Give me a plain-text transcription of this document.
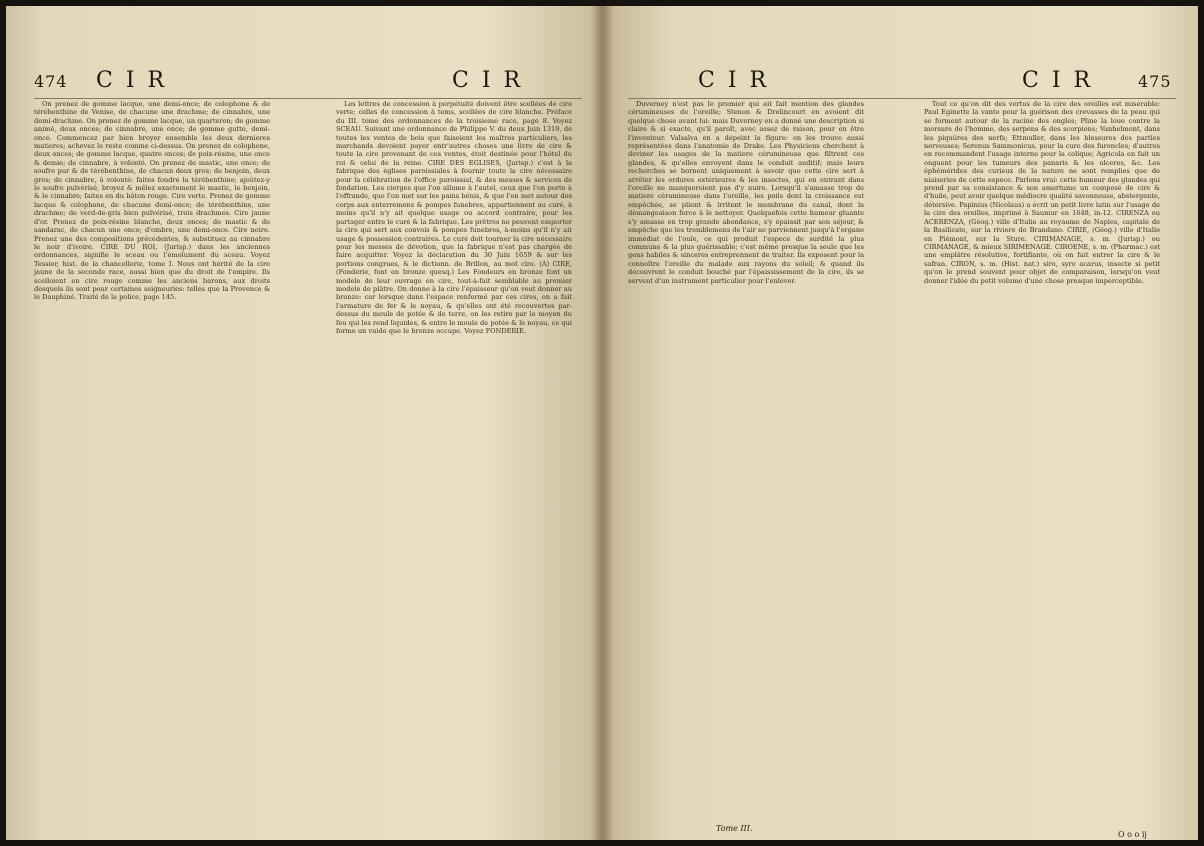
474 C I R	C I R

On prenez de gomme lacque, une demi-once; de colophone & de térébenthine de Venise, de chacune une drachme; de cinnabre, une demi-drachme. On prenez de gomme lacque, un quarteron; de gomme animé, deux onces; de cinnabre, une once; de gomme gutte, demi-once. Commencez par bien broyer ensemble les deux dernieres matieres; achevez le reste comme ci-dessus. On prenez de colophone, deux onces; de gomme lacque, quatre onces; de poix-résine, une once & demie; de cinnabre, à volonté. On prenez de mastic, une once; de soufre pur & de térébenthine, de chacun deux gros; de benjoin, deux gros; de cinnabre, à volonté: faites fondre la térébenthine; ajoûtez-y le soufre pulvérisé, broyez & mêlez exactement le mastic, le benjoin, & le cinnabre; faites en du bâton rouge. Cire verte. Prenez de gomme lacque & colophone, de chacune demi-once; de térébenthine, une drachme; de verd-de-gris bien pulvérisé, trois drachmes. Cire jaune d'or. Prenez de poix-résine blanche, deux onces; de mastic & de sandarac, de chacun une once; d'ombre, une demi-once. Cire noire. Prenez une des compositions précédentes, & substituez au cinnabre le noir d'ivoire. CIRE DU ROI, (Jurisp.) dans les anciennes ordonnances, signifie le sceau ou l'émolument du sceau. Voyez Tessier, hist. de la chancellerie, tome I. Nous ont hérité de la cire jaune de la seconde race, aussi bien que du droit de l'empire. Ils scelloient en cire rouge comme les anciens barons, aux droits desquels ils sont pour certaines seigneuries: telles que la Provence & le Dauphiné. Traité de la police, page 145.

Les lettres de concession à perpétuité doivent être scellées de cire verte; celles de concession à tems, scellées de cire blanche. Préface du III. tome des ordonnances de la troisieme race, page 8. Voyez SCEAU. Suivant une ordonnance de Philippe V. du deux Juin 1319, de toutes les ventes de bois que faisoient les maîtres particuliers, les marchands devoient payer entr'autres choses une livre de cire & toute la cire provenant de ces ventes, étoit destinée pour l'hôtel du roi & celui de la reine. CIRE DES EGLISES, (Jurisp.) c'est à la fabrique des églises paroissiales à fournir toute la cire nécessaire pour la célébration de l'office paroissial, & des messes & services de fondation. Les cierges que l'on allume à l'autel, ceux que l'on porte à l'offrande, que l'on met sur les pains bénis, & que l'on met autour des corps aux enterremens & pompes funebres, appartiennent au curé, à moins qu'il n'y ait quelque usage ou accord contraire, pour les partager entre le curé & la fabrique. Les prêtres ne peuvent emporter la cire qui sert aux convois & pompes funebres, à-moins qu'il n'y ait usage & possession contraires. Le curé doit tourner la cire nécessaire pour les messes de dévotion, que la fabrique n'est pas chargée de faire acquitter. Voyez la déclaration du 30 Juin 1659 & sur les portions congrues, & le dictionn. de Brillon, au mot cire. (A) CIRE, (Fonderie, font en bronze quesq.) Les Fondeurs en bronze font un modele de leur ouvrage en cire, tout-à-fait semblable au premier modele de plâtre. On donne à la cire l'épaisseur qu'on veut donner au bronze: car lorsque dans l'espace renfermé par ces cires, on a fait l'armature de fer & le noyau, & qu'elles ont été recouvertes par-dessus du moule de potée & de terre, on les retire par le moyen du feu qui les rend liquides, & entre le moule de potée & le noyau, ce qui forme un vuide que le bronze occupe. Voyez FONDERIE.

C I R	C I R	475

Duverney n'est pas le premier qui ait fait mention des glandes cérumineuses de l'oreille; Stenon & Drelincourt en avoient dit quelque chose avant lui: mais Duverney en a donné une description si claire & si exacte, qu'il paroît, avec assez de raison, pour en être l'inventeur. Valsalva en a dépeint la figure: on les trouve aussi représentées dans l'anatomie de Drake. Les Physiciens cherchent à deviner les usages de la matiere cérumineuse que filtrent ces glandes, & qu'elles envoyent dans le conduit auditif; mais leurs recherches se bornent uniquement à savoir que cette cire sert à arrêter les ordures extérieures & les insectes, qui en entrant dans l'oreille ne manqueroient pas d'y nuire. Lorsqu'il s'amasse trop de matiere cérumineuse dans l'oreille, les poils dont la croissance est empêchée, se plient & irritent le membrane du canal, dont la démangeaison force à le nettoyer. Quelquefois cette humeur gluante s'y amasse en trop grande abondance, s'y épaissit par son séjour, & empêche que les tremblemens de l'air ne parviennent jusqu'à l'organe immédiat de l'ouïe, ce qui produit l'espece de surdité la plus commune & la plus guérissable; c'est même presque la seule que les gens habiles & sinceres entreprennent de traiter. Ils exposent pour la connoître l'oreille du malade aux rayons du soleil; & quand ils découvrent le conduit bouché par l'épaississement de la cire, ils se servent d'un instrument particulier pour l'enlever.

Tout ce qu'on dit des vertus de la cire des oreilles est misérable: Paul Eginette la vante pour la guérison des crevasses de la peau qui se forment autour de la racine des ongles; Pline la loue contre la morsure de l'homme, des serpens & des scorpions; Vanhelmont, dans les piquûres des nerfs; Ettmuller, dans les blessures des parties nerveuses; Serenus Sammonicus, pour la cure des furoncles; d'autres en recommandent l'usage interne pour la colique; Agricola en fait un onguent pour les tumeurs des panaris & les ulceres, &c. Les éphémérides des curieux de la nature ne sont remplies que de niaiseries de cette espece. Parlons vrai: cette humeur des glandes qui prend par sa consistance & son amertume un composé de cire & d'huile, peut avoir quelque médiocre qualité savonneuse, abstergente, détersive. Papinius (Nicolaus) a écrit un petit livre latin sur l'usage de la cire des oreilles, imprimé à Saumur en 1648, in-12. CIRENZA ou ACERENZA, (Géog.) ville d'Italie au royaume de Naples, capitale de la Basilicate, sur la riviere de Brandano. CIRIE, (Géog.) ville d'Italie en Piémont, sur la Sture. CIRIMANAGE, s. m. (Jurisp.) ou CIRMANAGE, & mieux SIRIMENAGE. CIROENE, s. m. (Pharmac.) est une emplâtre résolutive, fortifiante, où on fait entrer la cire & le safran. CIRON, s. m. (Hist. nat.) siro, syro acarus, insecte si petit qu'on le prend souvent pour objet de comparaison, lorsqu'on veut donner l'idée du petit volume d'une chose presque imperceptible.

Tome III.
O o o ij
